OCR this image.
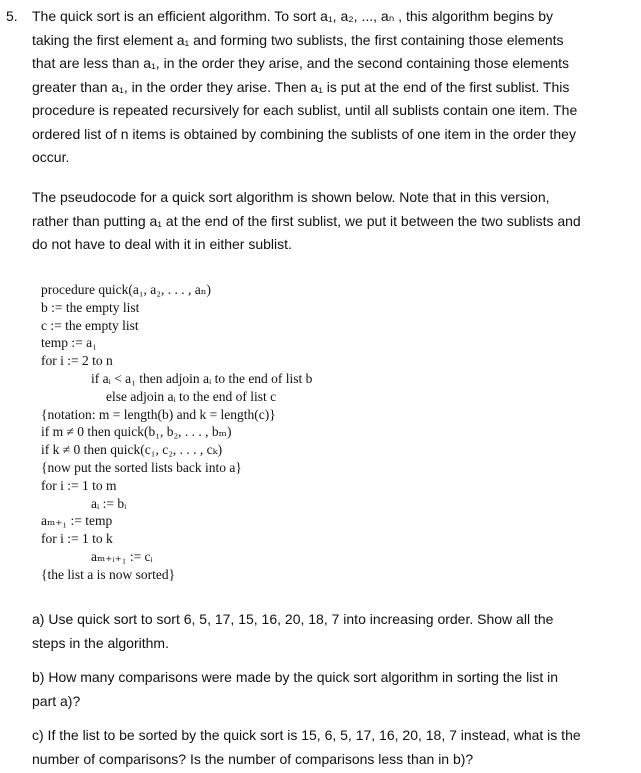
5. The quick sort is an efficient algorithm. To sort a₁, a₂, ..., aₙ , this algorithm begins by
taking the first element a₁ and forming two sublists, the first containing those elements
that are less than a₁, in the order they arise, and the second containing those elements
greater than a₁, in the order they arise. Then a₁ is put at the end of the first sublist. This
procedure is repeated recursively for each sublist, until all sublists contain one item. The
ordered list of n items is obtained by combining the sublists of one item in the order they
occur.
The pseudocode for a quick sort algorithm is shown below. Note that in this version,
rather than putting a₁ at the end of the first sublist, we put it between the two sublists and
do not have to deal with it in either sublist.
procedure quick(a₁, a₂, . . . , aₙ)
b := the empty list
c := the empty list
temp := a₁
for i := 2 to n
if aᵢ < a₁ then adjoin aᵢ to the end of list b
else adjoin aᵢ to the end of list c
{notation: m = length(b) and k = length(c)}
if m ≠ 0 then quick(b₁, b₂, . . . , bₘ)
if k ≠ 0 then quick(c₁, c₂, . . . , cₖ)
{now put the sorted lists back into a}
for i := 1 to m
aᵢ := bᵢ
aₘ₊₁ := temp
for i := 1 to k
aₘ₊ᵢ₊₁ := cᵢ
{the list a is now sorted}
a) Use quick sort to sort 6, 5, 17, 15, 16, 20, 18, 7 into increasing order. Show all the
steps in the algorithm.
b) How many comparisons were made by the quick sort algorithm in sorting the list in
part a)?
c) If the list to be sorted by the quick sort is 15, 6, 5, 17, 16, 20, 18, 7 instead, what is the
number of comparisons? Is the number of comparisons less than in b)?
